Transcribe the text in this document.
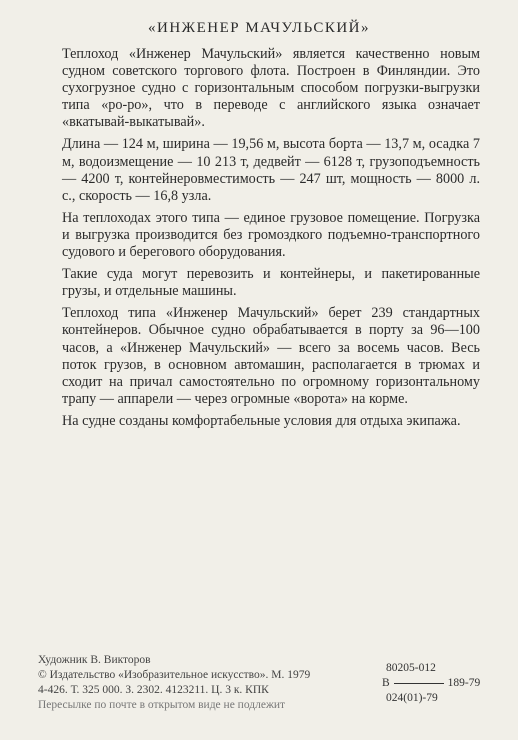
«ИНЖЕНЕР МАЧУЛЬСКИЙ»

Теплоход «Инженер Мачульский» является качественно новым судном советского торгового флота. Построен в Финляндии. Это сухогрузное судно с горизонтальным способом погрузки-выгрузки типа «ро-ро», что в переводе с английского языка означает «вкатывай-выкатывай».

Длина — 124 м, ширина — 19,56 м, высота борта — 13,7 м, осадка 7 м, водоизмещение — 10 213 т, дедвейт — 6128 т, грузоподъемность — 4200 т, контейнеровместимость — 247 шт, мощность — 8000 л. с., скорость — 16,8 узла.

На теплоходах этого типа — единое грузовое помещение. Погрузка и выгрузка производится без громоздкого подъемно-транспортного судового и берегового оборудования.

Такие суда могут перевозить и контейнеры, и пакетированные грузы, и отдельные машины.

Теплоход типа «Инженер Мачульский» берет 239 стандартных контейнеров. Обычное судно обрабатывается в порту за 96—100 часов, а «Инженер Мачульский» — всего за восемь часов. Весь поток грузов, в основном автомашин, располагается в трюмах и сходит на причал самостоятельно по огромному горизонтальному трапу — аппарели — через огромные «ворота» на корме.

На судне созданы комфортабельные условия для отдыха экипажа.

Художник В. Викторов
© Издательство «Изобразительное искусство». М. 1979
4-426. Т. 325 000. З. 2302. 4123211. Ц. 3 к. КПК
Пересылке по почте в открытом виде не подлежит
80205-012
В	189-79
024(01)-79
